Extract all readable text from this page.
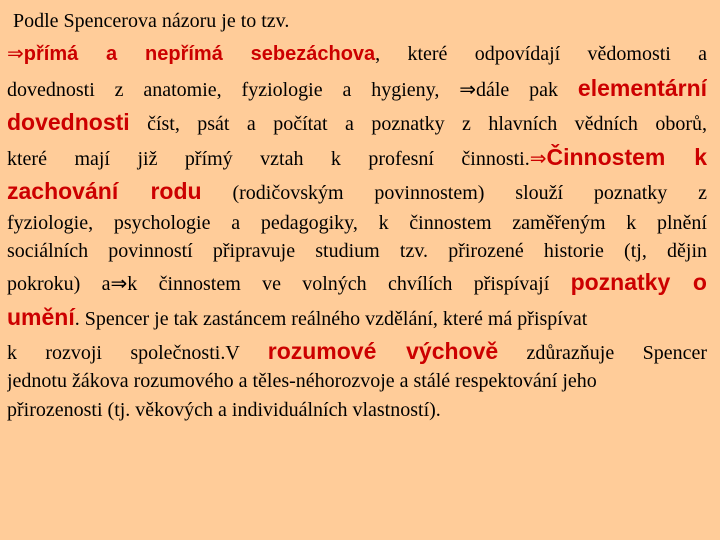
Podle Spencerova názoru je to tzv.
⇒přímá a nepřímá sebezáchova, které odpovídají vědomosti a
dovednosti z anatomie, fyziologie a hygieny, ⇒dále pak elementární
dovednosti číst, psát a počítat a poznatky z hlavních vědních oborů,
které mají již přímý vztah k profesní činnosti.⇒Činnostem k
zachování rodu (rodičovským povinnostem) slouží poznatky z
fyziologie, psychologie a pedagogiky, k činnostem zaměřeným k plnění
sociálních povinností připravuje studium tzv. přirozené historie (tj, dějin
pokroku) a⇒k činnostem ve volných chvílích přispívají poznatky o
umění. Spencer je tak zastáncem reálného vzdělání, které má přispívat
k rozvoji společnosti.V rozumové výchově zdůrazňuje Spencer
jednotu žákova rozumového a těles-néhorozvoje a stálé respektování jeho
přirozenosti (tj. věkových a individuálních vlastností).
